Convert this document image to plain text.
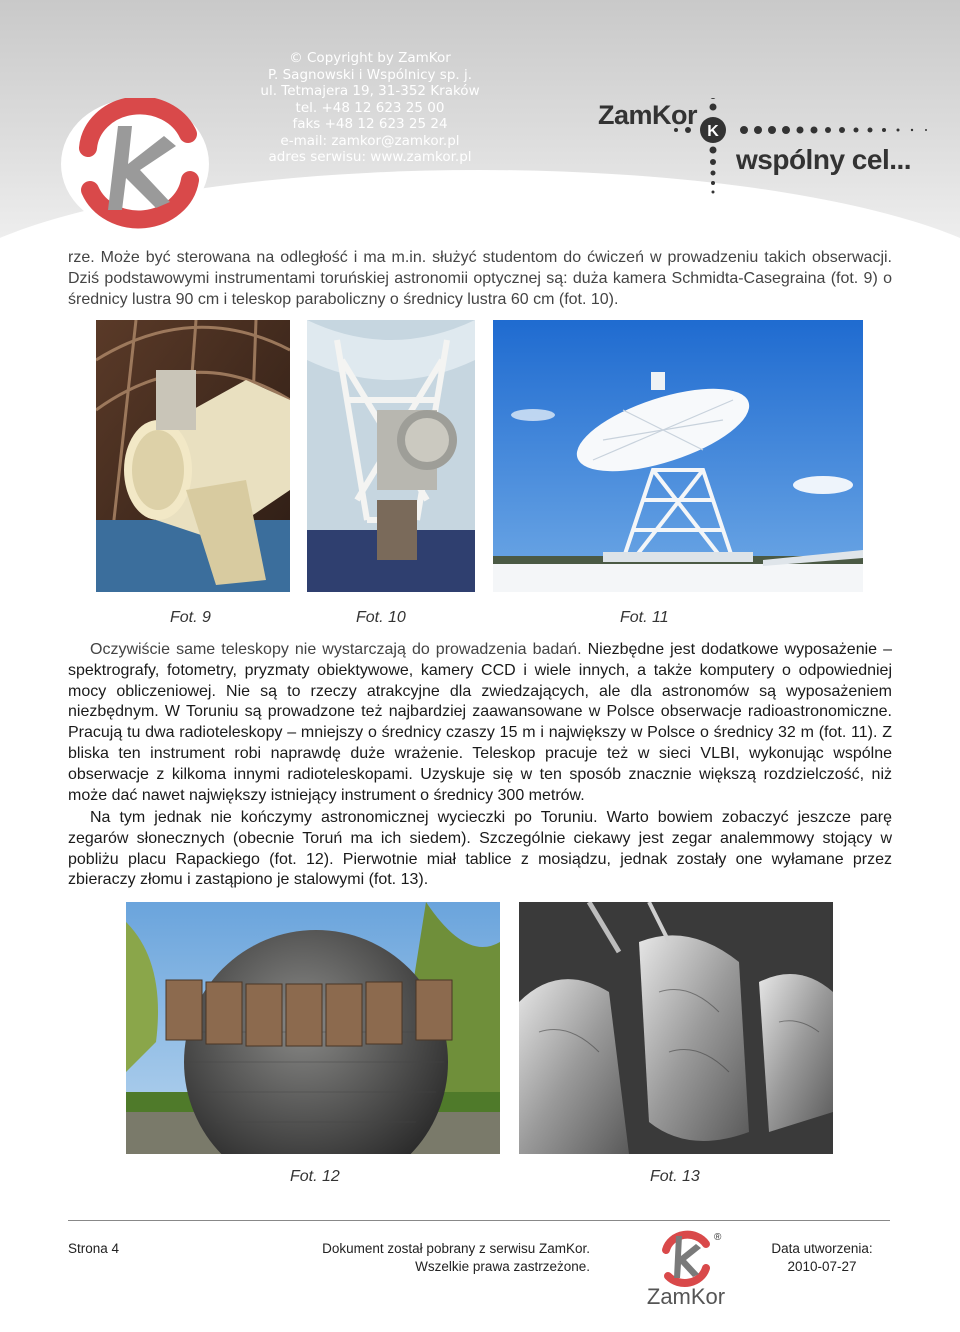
© Copyright by ZamKor
P. Sagnowski i Wspólnicy sp. j.
ul. Tetmajera 19, 31-352 Kraków
tel. +48 12 623 25 00
faks +48 12 623 25 24
e-mail: zamkor@zamkor.pl
adres serwisu: www.zamkor.pl
K
ZamKor
wspólny cel...

rze. Może być sterowana na odległość i ma m.in. służyć studentom do ćwiczeń w prowadzeniu takich obserwacji. Dziś podstawowymi instrumentami toruńskiej astronomii optycznej są: duża kamera Schmidta-Casegraina (fot. 9) o średnicy lustra 90 cm i teleskop paraboliczny o średnicy lustra 60 cm (fot. 10).

Fot. 9	Fot. 10	Fot. 11

Oczywiście same teleskopy nie wystarczają do prowadzenia badań. Niezbędne jest dodatkowe wyposażenie – spektrografy, fotometry, pryzmaty obiektywowe, kamery CCD i wiele innych, a także komputery o odpowiedniej mocy obliczeniowej. Nie są to rzeczy atrakcyjne dla zwiedzających, ale dla astronomów są wyposażeniem niezbędnym. W Toruniu są prowadzone też najbardziej zaawansowane w Polsce obserwacje radioastronomiczne. Pracują tu dwa radioteleskopy – mniejszy o średnicy czaszy 15 m i największy w Polsce o średnicy 32 m (fot. 11). Z bliska ten instrument robi naprawdę duże wrażenie. Teleskop pracuje też w sieci VLBI, wykonując wspólne obserwacje z kilkoma innymi radioteleskopami. Uzyskuje się w ten sposób znacznie większą rozdzielczość, niż może dać nawet największy istniejący instrument o średnicy 300 metrów.

Na tym jednak nie kończymy astronomicznej wycieczki po Toruniu. Warto bowiem zobaczyć jeszcze parę zegarów słonecznych (obecnie Toruń ma ich siedem). Szczególnie ciekawy jest zegar analemmowy stojący w pobliżu placu Rapackiego (fot. 12). Pierwotnie miał tablice z mosiądzu, jednak zostały one wyłamane przez zbieraczy złomu i zastąpiono je stalowymi (fot. 13).

Fot. 12	Fot. 13
Strona 4	Dokument został pobrany z serwisu ZamKor.
Wszelkie prawa zastrzeżone.
ZamKor
®
Data utworzenia:
2010-07-27
